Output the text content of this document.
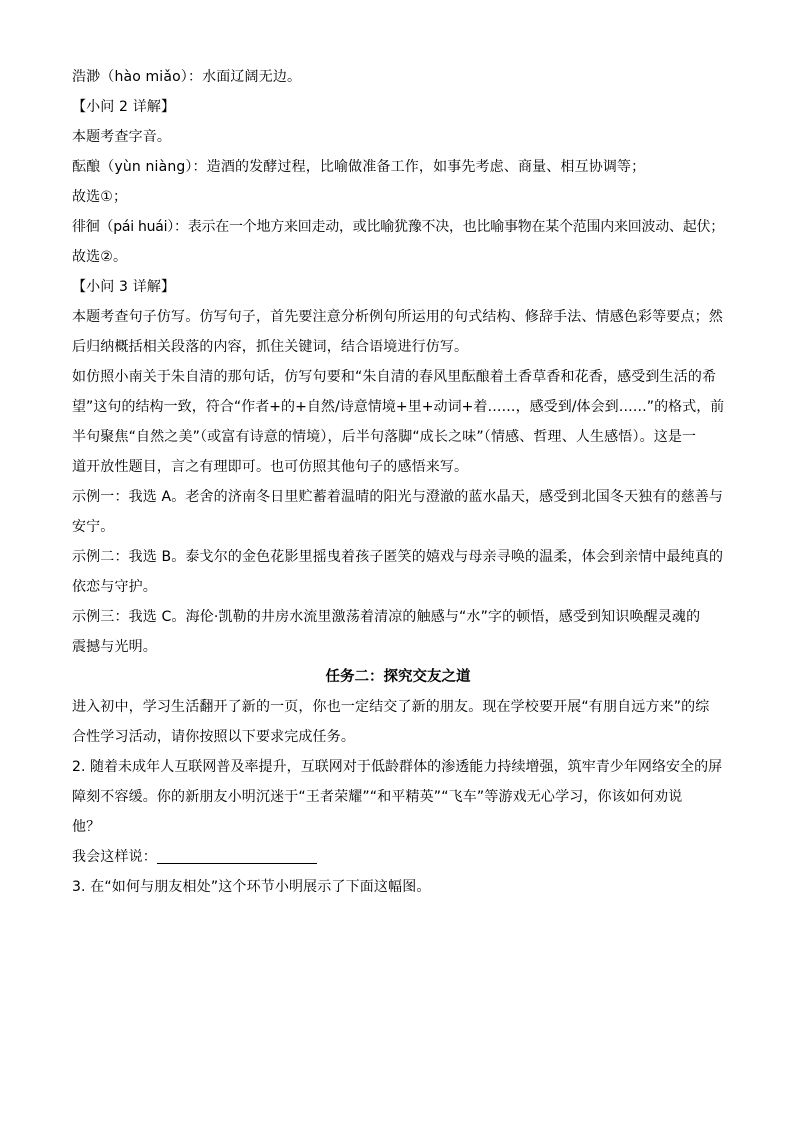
浩渺（hào miǎo）：水面辽阔无边。
【小问 2 详解】
本题考查字音。
酝酿（yùn niàng）：造酒的发酵过程，比喻做准备工作，如事先考虑、商量、相互协调等；
故选①；
徘徊（pái huái）：表示在一个地方来回走动，或比喻犹豫不决，也比喻事物在某个范围内来回波动、起伏；
故选②。
【小问 3 详解】
本题考查句子仿写。仿写句子，首先要注意分析例句所运用的句式结构、修辞手法、情感色彩等要点；然
后归纳概括相关段落的内容，抓住关键词，结合语境进行仿写。
如仿照小南关于朱自清的那句话，仿写句要和“朱自清的春风里酝酿着土香草香和花香，感受到生活的希
望”这句的结构一致，符合“作者+的+自然/诗意情境+里+动词+着……，感受到/体会到……”的格式，前
半句聚焦“自然之美”（或富有诗意的情境），后半句落脚“成长之味”（情感、哲理、人生感悟）。这是一
道开放性题目，言之有理即可。也可仿照其他句子的感悟来写。
示例一：我选 A。老舍的济南冬日里贮蓄着温晴的阳光与澄澈的蓝水晶天，感受到北国冬天独有的慈善与
安宁。
示例二：我选 B。泰戈尔的金色花影里摇曳着孩子匿笑的嬉戏与母亲寻唤的温柔，体会到亲情中最纯真的
依恋与守护。
示例三：我选 C。海伦·凯勒的井房水流里激荡着清凉的触感与“水”字的顿悟，感受到知识唤醒灵魂的
震撼与光明。
任务二：探究交友之道
进入初中，学习生活翻开了新的一页，你也一定结交了新的朋友。现在学校要开展“有朋自远方来”的综
合性学习活动，请你按照以下要求完成任务。
2. 随着未成年人互联网普及率提升，互联网对于低龄群体的渗透能力持续增强，筑牢青少年网络安全的屏
障刻不容缓。你的新朋友小明沉迷于“王者荣耀”“和平精英”“飞车”等游戏无心学习，你该如何劝说
他？
我会这样说：
3. 在“如何与朋友相处”这个环节小明展示了下面这幅图。
